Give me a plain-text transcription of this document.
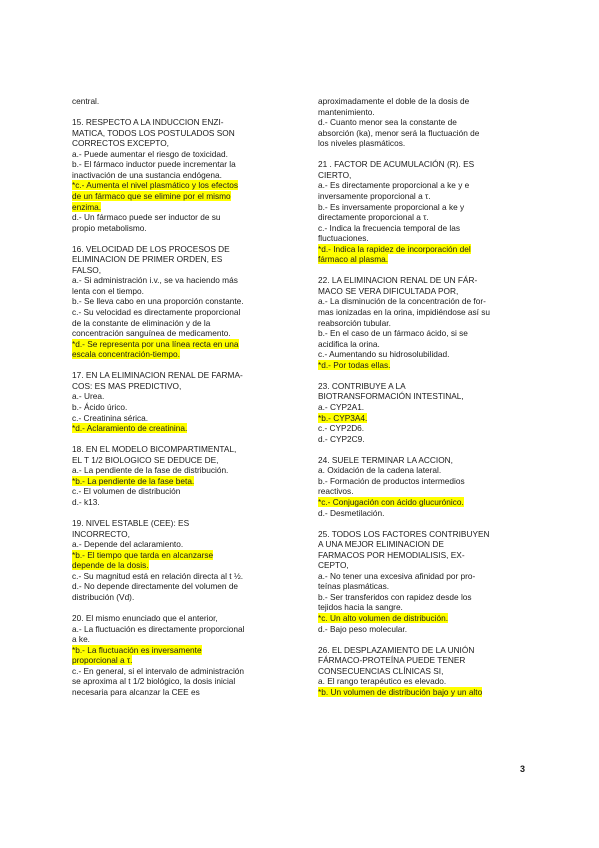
central.
15. RESPECTO A LA INDUCCION ENZI-
MATICA, TODOS LOS POSTULADOS SON
CORRECTOS EXCEPTO,
a.- Puede aumentar el riesgo de toxicidad.
b.- El fármaco inductor puede incrementar la
inactivación de una sustancia endógena.
*c.- Aumenta el nivel plasmático y los efectos
de un fármaco que se elimine por el mismo
enzima.
d.- Un fármaco puede ser inductor de su
propio metabolismo.
16. VELOCIDAD DE LOS PROCESOS DE
ELIMINACION DE PRIMER ORDEN, ES
FALSO,
a.- Si administración i.v., se va haciendo más
lenta con el tiempo.
b.- Se lleva cabo en una proporción constante.
c.- Su velocidad es directamente proporcional
de la constante de eliminación y de la
concentración sanguínea de medicamento.
*d.- Se representa por una línea recta en una
escala concentración-tiempo.
17. EN LA ELIMINACION RENAL DE FARMA-
COS: ES MAS PREDICTIVO,
a.- Urea.
b.- Ácido úrico.
c.- Creatinina sérica.
*d.- Aclaramiento de creatinina.
18. EN EL MODELO BICOMPARTIMENTAL,
EL T 1/2 BIOLOGICO SE DEDUCE DE,
a.- La pendiente de la fase de distribución.
*b.- La pendiente de la fase beta.
c.- El volumen de distribución
d.- k13.
19. NIVEL ESTABLE (CEE): ES
INCORRECTO,
a.- Depende del aclaramiento.
*b.- El tiempo que tarda en alcanzarse
depende de la dosis.
c.- Su magnitud está en relación directa al t ½.
d.- No depende directamente del volumen de
distribución (Vd).
20. El mismo enunciado que el anterior,
a.- La fluctuación es directamente proporcional
a ke.
*b.- La fluctuación es inversamente
proporcional a τ.
c.- En general, si el intervalo de administración
se aproxima al t 1/2 biológico, la dosis inicial
necesaria para alcanzar la CEE es
aproximadamente el doble de la dosis de
mantenimiento.
d.- Cuanto menor sea la constante de
absorción (ka), menor será la fluctuación de
los niveles plasmáticos.
21 . FACTOR DE ACUMULACIÓN (R). ES
CIERTO,
a.- Es directamente proporcional a ke y e
inversamente proporcional a τ.
b.- Es inversamente proporcional a ke y
directamente proporcional a τ.
c.- Indica la frecuencia temporal de las
fluctuaciones.
*d.- Indica la rapidez de incorporación del
fármaco al plasma.
22. LA ELIMINACION RENAL DE UN FÁR-
MACO SE VERA DIFICULTADA POR,
a.- La disminución de la concentración de for-
mas ionizadas en la orina, impidiéndose así su
reabsorción tubular.
b.- En el caso de un fármaco ácido, si se
acidifica la orina.
c.- Aumentando su hidrosolubilidad.
*d.- Por todas ellas.
23. CONTRIBUYE A LA
BIOTRANSFORMACIÓN INTESTINAL,
a.- CYP2A1.
*b.- CYP3A4.
c.- CYP2D6.
d.- CYP2C9.
24. SUELE TERMINAR LA ACCION,
a. Oxidación de la cadena lateral.
b.- Formación de productos intermedios
reactivos.
*c.- Conjugación con ácido glucurónico.
d.- Desmetilación.
25. TODOS LOS FACTORES CONTRIBUYEN
A UNA MEJOR ELIMINACION DE
FARMACOS POR HEMODIALISIS, EX-
CEPTO,
a.- No tener una excesiva afinidad por pro-
teínas plasmáticas.
b.- Ser transferidos con rapidez desde los
tejidos hacia la sangre.
*c. Un alto volumen de distribución.
d.- Bajo peso molecular.
26. EL DESPLAZAMIENTO DE LA UNIÓN
FÁRMACO-PROTEÍNA PUEDE TENER
CONSECUENCIAS CLÍNICAS SI,
a. El rango terapéutico es elevado.
*b. Un volumen de distribución bajo y un alto
3
